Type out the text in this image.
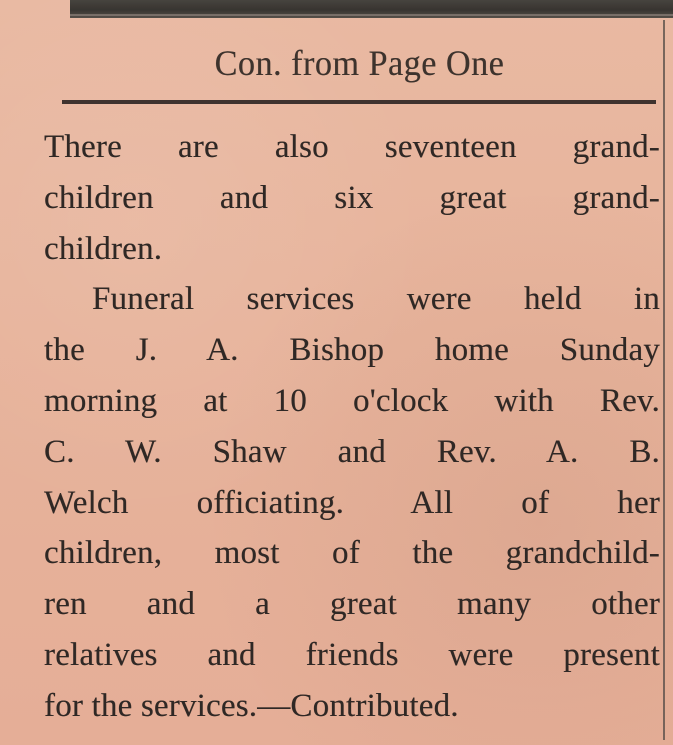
Con. from Page One
There are also seventeen grand-
children and six great grand-
children.
Funeral services were held in
the J. A. Bishop home Sunday
morning at 10 o'clock with Rev.
C. W. Shaw and Rev. A. B.
Welch officiating. All of her
children, most of the grandchild-
ren and a great many other
relatives and friends were present
for the services.—Contributed.
